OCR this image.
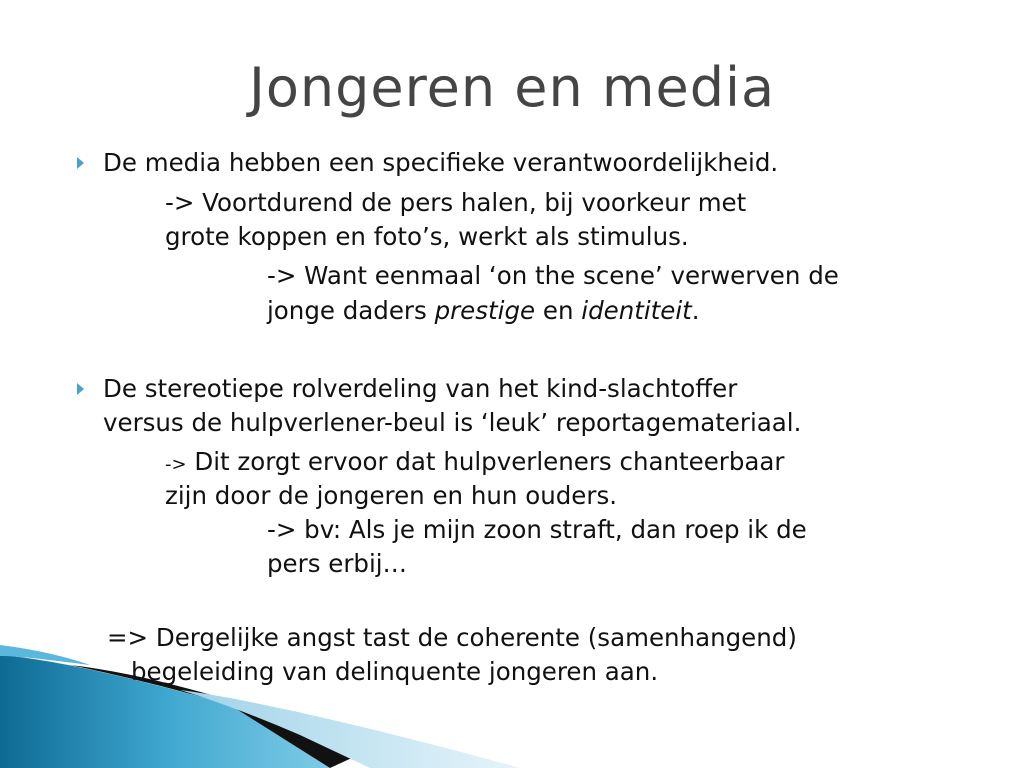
Jongeren en media

De media hebben een specifieke verantwoordelijkheid.

-> Voortdurend de pers halen, bij voorkeur met

grote koppen en foto’s, werkt als stimulus.

-> Want eenmaal ‘on the scene’ verwerven de

jonge daders prestige en identiteit.

De stereotiepe rolverdeling van het kind-slachtoffer

versus de hulpverlener-beul is ‘leuk’ reportagemateriaal.

-> Dit zorgt ervoor dat hulpverleners chanteerbaar

zijn door de jongeren en hun ouders.

-> bv: Als je mijn zoon straft, dan roep ik de

pers erbij…

=> Dergelijke angst tast de coherente (samenhangend)

begeleiding van delinquente jongeren aan.
